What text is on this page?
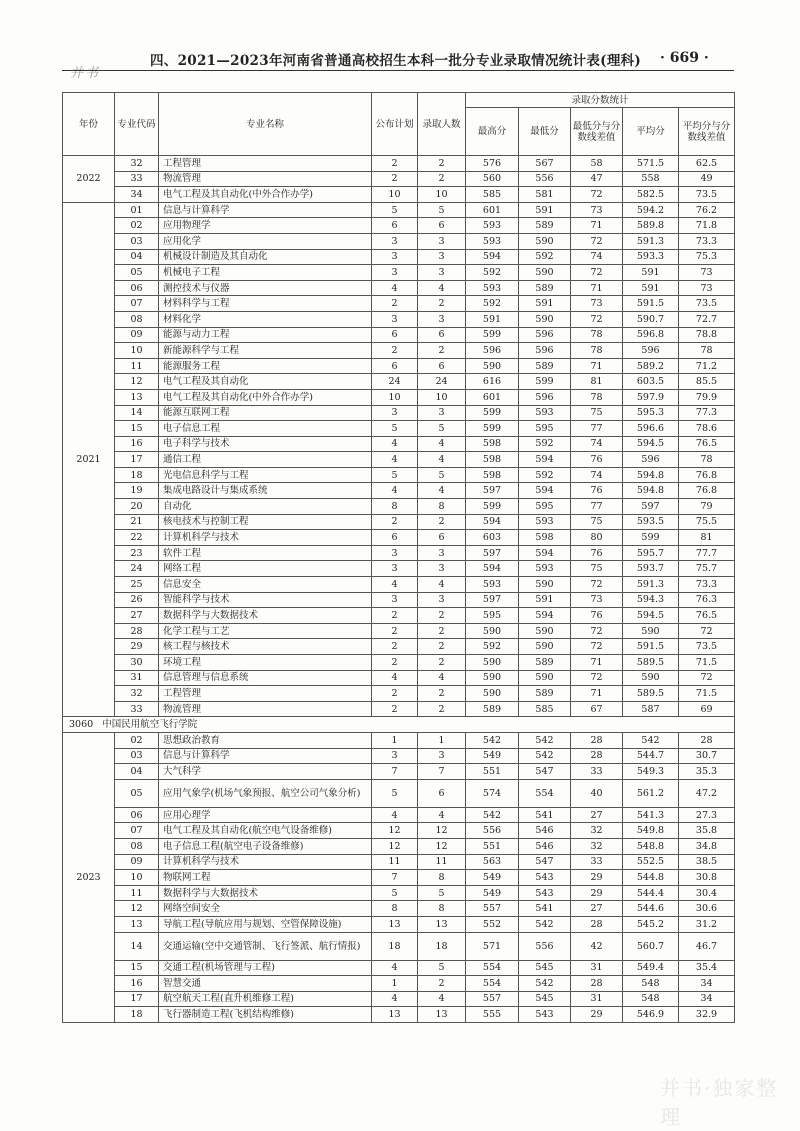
并书
四、2021—2023年河南省普通高校招生本科一批分专业录取情况统计表(理科) · 669 ·
并书·独家整理
年份	专业代码	专业名称	公布计划	录取人数	录取分数统计				
					最高分	最低分	最低分与分数线差值	平均分	平均分与分数线差值
2022	32	工程管理	2	2	576	567	58	571.5	62.5
	33	物流管理	2	2	560	556	47	558	49
	34	电气工程及其自动化(中外合作办学)	10	10	585	581	72	582.5	73.5
2021	01	信息与计算科学	5	5	601	591	73	594.2	76.2
	02	应用物理学	6	6	593	589	71	589.8	71.8
	03	应用化学	3	3	593	590	72	591.3	73.3
	04	机械设计制造及其自动化	3	3	594	592	74	593.3	75.3
	05	机械电子工程	3	3	592	590	72	591	73
	06	测控技术与仪器	4	4	593	589	71	591	73
	07	材料科学与工程	2	2	592	591	73	591.5	73.5
	08	材料化学	3	3	591	590	72	590.7	72.7
	09	能源与动力工程	6	6	599	596	78	596.8	78.8
	10	新能源科学与工程	2	2	596	596	78	596	78
	11	能源服务工程	6	6	590	589	71	589.2	71.2
	12	电气工程及其自动化	24	24	616	599	81	603.5	85.5
	13	电气工程及其自动化(中外合作办学)	10	10	601	596	78	597.9	79.9
	14	能源互联网工程	3	3	599	593	75	595.3	77.3
	15	电子信息工程	5	5	599	595	77	596.6	78.6
	16	电子科学与技术	4	4	598	592	74	594.5	76.5
	17	通信工程	4	4	598	594	76	596	78
	18	光电信息科学与工程	5	5	598	592	74	594.8	76.8
	19	集成电路设计与集成系统	4	4	597	594	76	594.8	76.8
	20	自动化	8	8	599	595	77	597	79
	21	核电技术与控制工程	2	2	594	593	75	593.5	75.5
	22	计算机科学与技术	6	6	603	598	80	599	81
	23	软件工程	3	3	597	594	76	595.7	77.7
	24	网络工程	3	3	594	593	75	593.7	75.7
	25	信息安全	4	4	593	590	72	591.3	73.3
	26	智能科学与技术	3	3	597	591	73	594.3	76.3
	27	数据科学与大数据技术	2	2	595	594	76	594.5	76.5
	28	化学工程与工艺	2	2	590	590	72	590	72
	29	核工程与核技术	2	2	592	590	72	591.5	73.5
	30	环境工程	2	2	590	589	71	589.5	71.5
	31	信息管理与信息系统	4	4	590	590	72	590	72
	32	工程管理	2	2	590	589	71	589.5	71.5
	33	物流管理	2	2	589	585	67	587	69
3060 中国民用航空飞行学院									
2023	02	思想政治教育	1	1	542	542	28	542	28
	03	信息与计算科学	3	3	549	542	28	544.7	30.7
	04	大气科学	7	7	551	547	33	549.3	35.3
	05	应用气象学(机场气象预报、航空公司气象分析)	5	6	574	554	40	561.2	47.2
	06	应用心理学	4	4	542	541	27	541.3	27.3
	07	电气工程及其自动化(航空电气设备维修)	12	12	556	546	32	549.8	35.8
	08	电子信息工程(航空电子设备维修)	12	12	551	546	32	548.8	34.8
	09	计算机科学与技术	11	11	563	547	33	552.5	38.5
	10	物联网工程	7	8	549	543	29	544.8	30.8
	11	数据科学与大数据技术	5	5	549	543	29	544.4	30.4
	12	网络空间安全	8	8	557	541	27	544.6	30.6
	13	导航工程(导航应用与规划、空管保障设施)	13	13	552	542	28	545.2	31.2
	14	交通运输(空中交通管制、飞行签派、航行情报)	18	18	571	556	42	560.7	46.7
	15	交通工程(机场管理与工程)	4	5	554	545	31	549.4	35.4
	16	智慧交通	1	2	554	542	28	548	34
	17	航空航天工程(直升机维修工程)	4	4	557	545	31	548	34
	18	飞行器制造工程(飞机结构维修)	13	13	555	543	29	546.9	32.9
